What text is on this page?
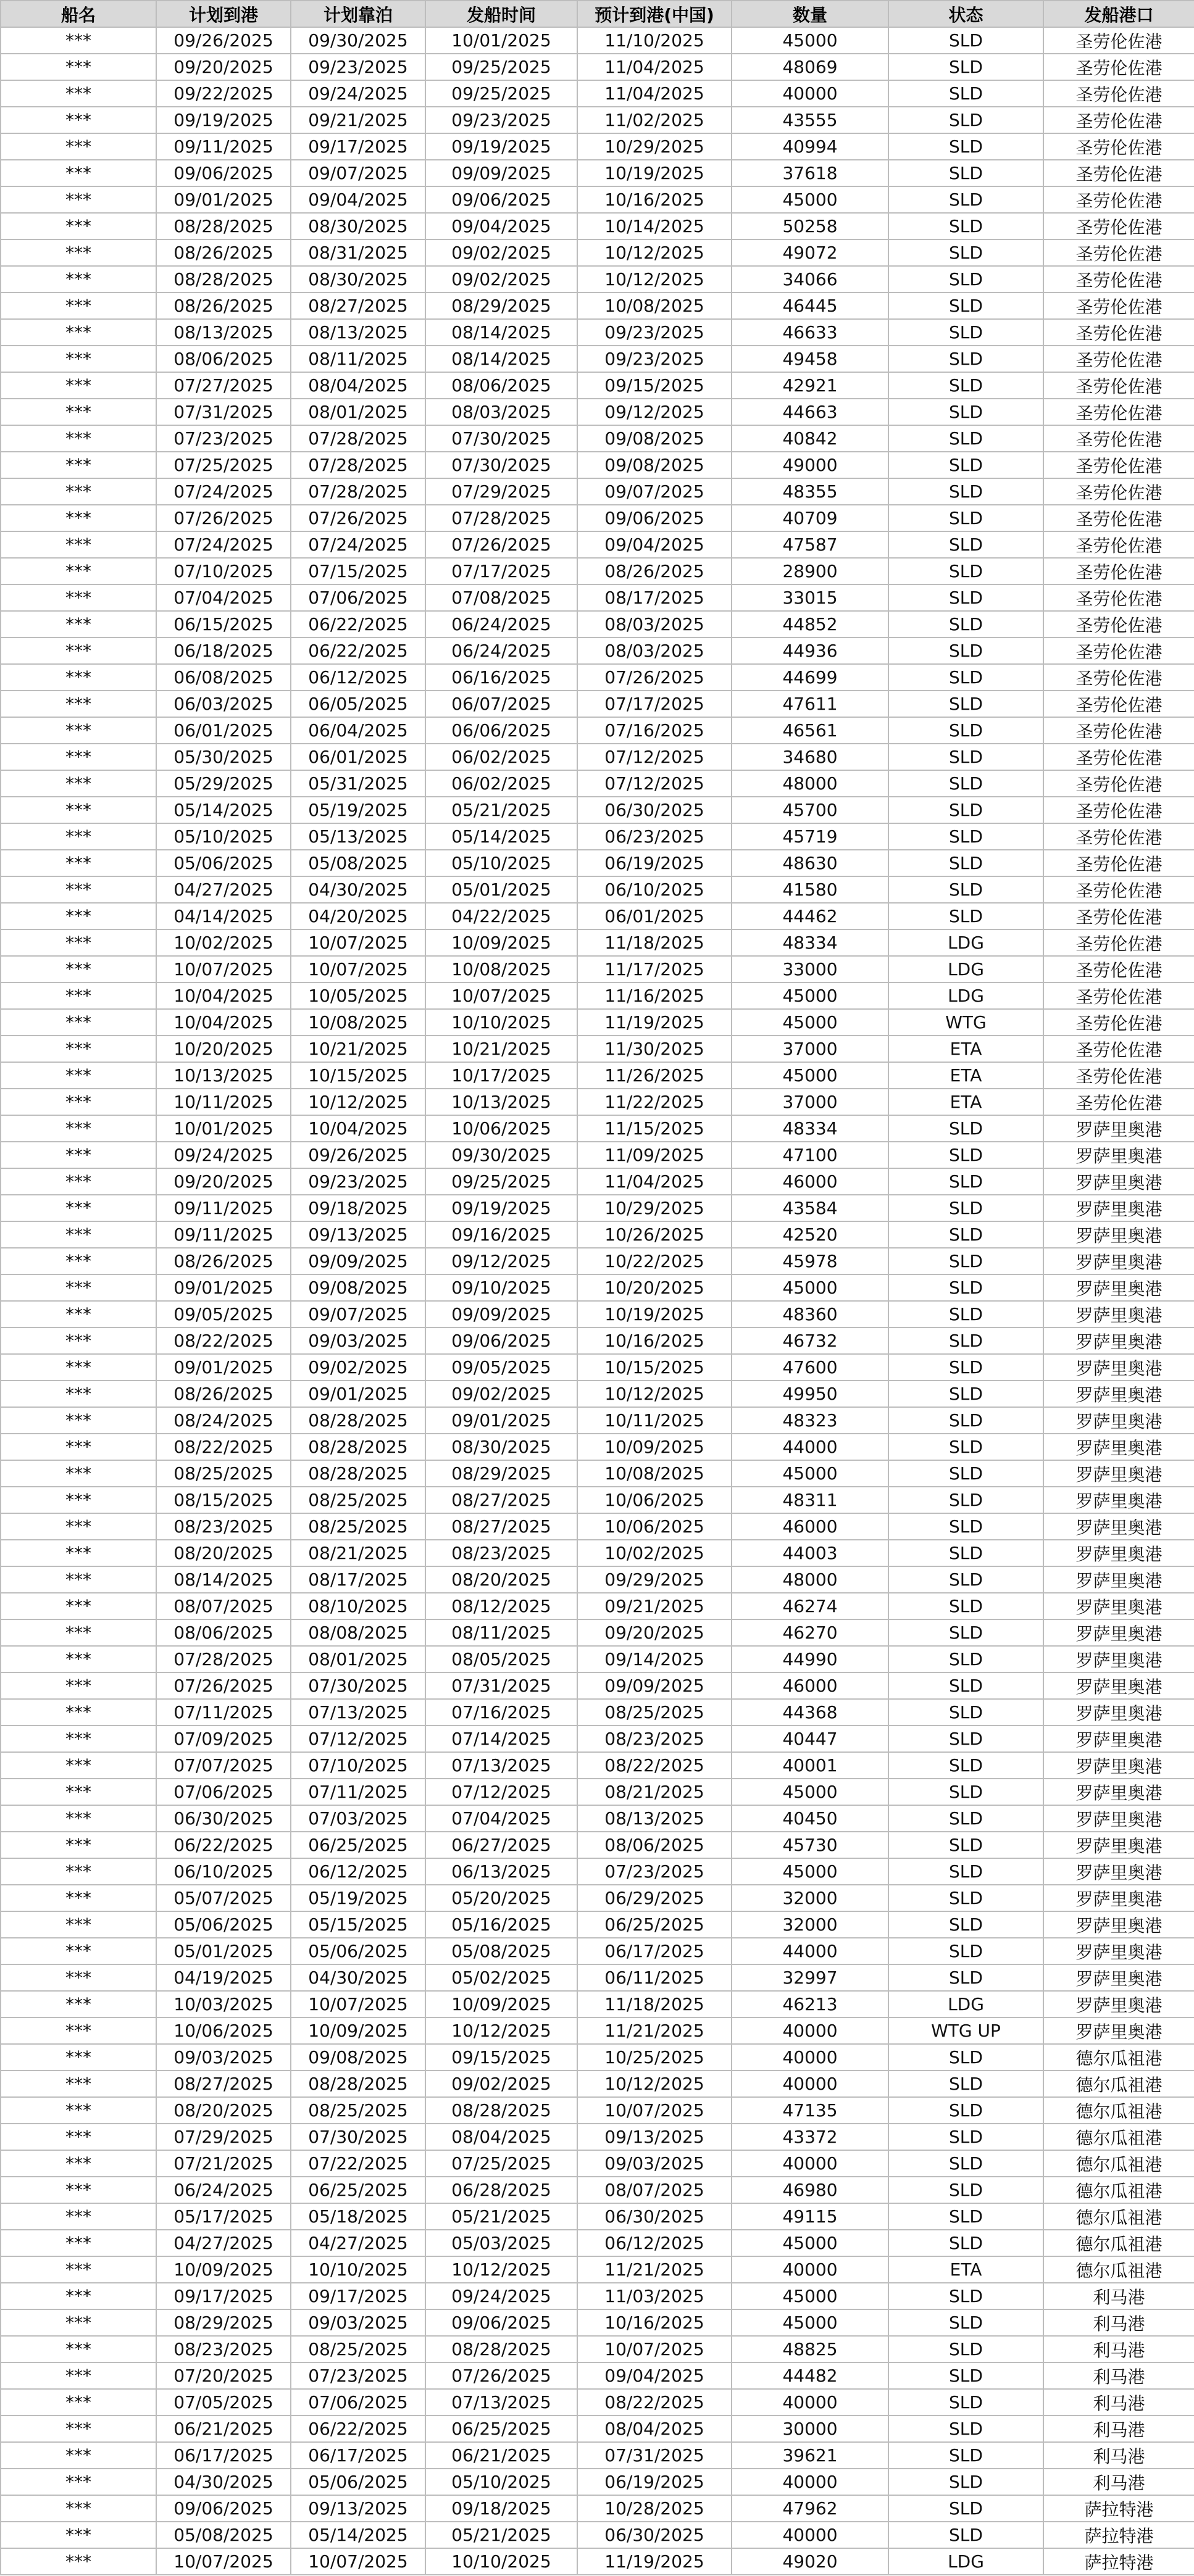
船名	计划到港	计划靠泊	发船时间	预计到港(中国)	数量	状态	发船港口
***	09/26/2025	09/30/2025	10/01/2025	11/10/2025	45000	SLD	圣劳伦佐港
***	09/20/2025	09/23/2025	09/25/2025	11/04/2025	48069	SLD	圣劳伦佐港
***	09/22/2025	09/24/2025	09/25/2025	11/04/2025	40000	SLD	圣劳伦佐港
***	09/19/2025	09/21/2025	09/23/2025	11/02/2025	43555	SLD	圣劳伦佐港
***	09/11/2025	09/17/2025	09/19/2025	10/29/2025	40994	SLD	圣劳伦佐港
***	09/06/2025	09/07/2025	09/09/2025	10/19/2025	37618	SLD	圣劳伦佐港
***	09/01/2025	09/04/2025	09/06/2025	10/16/2025	45000	SLD	圣劳伦佐港
***	08/28/2025	08/30/2025	09/04/2025	10/14/2025	50258	SLD	圣劳伦佐港
***	08/26/2025	08/31/2025	09/02/2025	10/12/2025	49072	SLD	圣劳伦佐港
***	08/28/2025	08/30/2025	09/02/2025	10/12/2025	34066	SLD	圣劳伦佐港
***	08/26/2025	08/27/2025	08/29/2025	10/08/2025	46445	SLD	圣劳伦佐港
***	08/13/2025	08/13/2025	08/14/2025	09/23/2025	46633	SLD	圣劳伦佐港
***	08/06/2025	08/11/2025	08/14/2025	09/23/2025	49458	SLD	圣劳伦佐港
***	07/27/2025	08/04/2025	08/06/2025	09/15/2025	42921	SLD	圣劳伦佐港
***	07/31/2025	08/01/2025	08/03/2025	09/12/2025	44663	SLD	圣劳伦佐港
***	07/23/2025	07/28/2025	07/30/2025	09/08/2025	40842	SLD	圣劳伦佐港
***	07/25/2025	07/28/2025	07/30/2025	09/08/2025	49000	SLD	圣劳伦佐港
***	07/24/2025	07/28/2025	07/29/2025	09/07/2025	48355	SLD	圣劳伦佐港
***	07/26/2025	07/26/2025	07/28/2025	09/06/2025	40709	SLD	圣劳伦佐港
***	07/24/2025	07/24/2025	07/26/2025	09/04/2025	47587	SLD	圣劳伦佐港
***	07/10/2025	07/15/2025	07/17/2025	08/26/2025	28900	SLD	圣劳伦佐港
***	07/04/2025	07/06/2025	07/08/2025	08/17/2025	33015	SLD	圣劳伦佐港
***	06/15/2025	06/22/2025	06/24/2025	08/03/2025	44852	SLD	圣劳伦佐港
***	06/18/2025	06/22/2025	06/24/2025	08/03/2025	44936	SLD	圣劳伦佐港
***	06/08/2025	06/12/2025	06/16/2025	07/26/2025	44699	SLD	圣劳伦佐港
***	06/03/2025	06/05/2025	06/07/2025	07/17/2025	47611	SLD	圣劳伦佐港
***	06/01/2025	06/04/2025	06/06/2025	07/16/2025	46561	SLD	圣劳伦佐港
***	05/30/2025	06/01/2025	06/02/2025	07/12/2025	34680	SLD	圣劳伦佐港
***	05/29/2025	05/31/2025	06/02/2025	07/12/2025	48000	SLD	圣劳伦佐港
***	05/14/2025	05/19/2025	05/21/2025	06/30/2025	45700	SLD	圣劳伦佐港
***	05/10/2025	05/13/2025	05/14/2025	06/23/2025	45719	SLD	圣劳伦佐港
***	05/06/2025	05/08/2025	05/10/2025	06/19/2025	48630	SLD	圣劳伦佐港
***	04/27/2025	04/30/2025	05/01/2025	06/10/2025	41580	SLD	圣劳伦佐港
***	04/14/2025	04/20/2025	04/22/2025	06/01/2025	44462	SLD	圣劳伦佐港
***	10/02/2025	10/07/2025	10/09/2025	11/18/2025	48334	LDG	圣劳伦佐港
***	10/07/2025	10/07/2025	10/08/2025	11/17/2025	33000	LDG	圣劳伦佐港
***	10/04/2025	10/05/2025	10/07/2025	11/16/2025	45000	LDG	圣劳伦佐港
***	10/04/2025	10/08/2025	10/10/2025	11/19/2025	45000	WTG	圣劳伦佐港
***	10/20/2025	10/21/2025	10/21/2025	11/30/2025	37000	ETA	圣劳伦佐港
***	10/13/2025	10/15/2025	10/17/2025	11/26/2025	45000	ETA	圣劳伦佐港
***	10/11/2025	10/12/2025	10/13/2025	11/22/2025	37000	ETA	圣劳伦佐港
***	10/01/2025	10/04/2025	10/06/2025	11/15/2025	48334	SLD	罗萨里奥港
***	09/24/2025	09/26/2025	09/30/2025	11/09/2025	47100	SLD	罗萨里奥港
***	09/20/2025	09/23/2025	09/25/2025	11/04/2025	46000	SLD	罗萨里奥港
***	09/11/2025	09/18/2025	09/19/2025	10/29/2025	43584	SLD	罗萨里奥港
***	09/11/2025	09/13/2025	09/16/2025	10/26/2025	42520	SLD	罗萨里奥港
***	08/26/2025	09/09/2025	09/12/2025	10/22/2025	45978	SLD	罗萨里奥港
***	09/01/2025	09/08/2025	09/10/2025	10/20/2025	45000	SLD	罗萨里奥港
***	09/05/2025	09/07/2025	09/09/2025	10/19/2025	48360	SLD	罗萨里奥港
***	08/22/2025	09/03/2025	09/06/2025	10/16/2025	46732	SLD	罗萨里奥港
***	09/01/2025	09/02/2025	09/05/2025	10/15/2025	47600	SLD	罗萨里奥港
***	08/26/2025	09/01/2025	09/02/2025	10/12/2025	49950	SLD	罗萨里奥港
***	08/24/2025	08/28/2025	09/01/2025	10/11/2025	48323	SLD	罗萨里奥港
***	08/22/2025	08/28/2025	08/30/2025	10/09/2025	44000	SLD	罗萨里奥港
***	08/25/2025	08/28/2025	08/29/2025	10/08/2025	45000	SLD	罗萨里奥港
***	08/15/2025	08/25/2025	08/27/2025	10/06/2025	48311	SLD	罗萨里奥港
***	08/23/2025	08/25/2025	08/27/2025	10/06/2025	46000	SLD	罗萨里奥港
***	08/20/2025	08/21/2025	08/23/2025	10/02/2025	44003	SLD	罗萨里奥港
***	08/14/2025	08/17/2025	08/20/2025	09/29/2025	48000	SLD	罗萨里奥港
***	08/07/2025	08/10/2025	08/12/2025	09/21/2025	46274	SLD	罗萨里奥港
***	08/06/2025	08/08/2025	08/11/2025	09/20/2025	46270	SLD	罗萨里奥港
***	07/28/2025	08/01/2025	08/05/2025	09/14/2025	44990	SLD	罗萨里奥港
***	07/26/2025	07/30/2025	07/31/2025	09/09/2025	46000	SLD	罗萨里奥港
***	07/11/2025	07/13/2025	07/16/2025	08/25/2025	44368	SLD	罗萨里奥港
***	07/09/2025	07/12/2025	07/14/2025	08/23/2025	40447	SLD	罗萨里奥港
***	07/07/2025	07/10/2025	07/13/2025	08/22/2025	40001	SLD	罗萨里奥港
***	07/06/2025	07/11/2025	07/12/2025	08/21/2025	45000	SLD	罗萨里奥港
***	06/30/2025	07/03/2025	07/04/2025	08/13/2025	40450	SLD	罗萨里奥港
***	06/22/2025	06/25/2025	06/27/2025	08/06/2025	45730	SLD	罗萨里奥港
***	06/10/2025	06/12/2025	06/13/2025	07/23/2025	45000	SLD	罗萨里奥港
***	05/07/2025	05/19/2025	05/20/2025	06/29/2025	32000	SLD	罗萨里奥港
***	05/06/2025	05/15/2025	05/16/2025	06/25/2025	32000	SLD	罗萨里奥港
***	05/01/2025	05/06/2025	05/08/2025	06/17/2025	44000	SLD	罗萨里奥港
***	04/19/2025	04/30/2025	05/02/2025	06/11/2025	32997	SLD	罗萨里奥港
***	10/03/2025	10/07/2025	10/09/2025	11/18/2025	46213	LDG	罗萨里奥港
***	10/06/2025	10/09/2025	10/12/2025	11/21/2025	40000	WTG UP	罗萨里奥港
***	09/03/2025	09/08/2025	09/15/2025	10/25/2025	40000	SLD	德尔瓜祖港
***	08/27/2025	08/28/2025	09/02/2025	10/12/2025	40000	SLD	德尔瓜祖港
***	08/20/2025	08/25/2025	08/28/2025	10/07/2025	47135	SLD	德尔瓜祖港
***	07/29/2025	07/30/2025	08/04/2025	09/13/2025	43372	SLD	德尔瓜祖港
***	07/21/2025	07/22/2025	07/25/2025	09/03/2025	40000	SLD	德尔瓜祖港
***	06/24/2025	06/25/2025	06/28/2025	08/07/2025	46980	SLD	德尔瓜祖港
***	05/17/2025	05/18/2025	05/21/2025	06/30/2025	49115	SLD	德尔瓜祖港
***	04/27/2025	04/27/2025	05/03/2025	06/12/2025	45000	SLD	德尔瓜祖港
***	10/09/2025	10/10/2025	10/12/2025	11/21/2025	40000	ETA	德尔瓜祖港
***	09/17/2025	09/17/2025	09/24/2025	11/03/2025	45000	SLD	利马港
***	08/29/2025	09/03/2025	09/06/2025	10/16/2025	45000	SLD	利马港
***	08/23/2025	08/25/2025	08/28/2025	10/07/2025	48825	SLD	利马港
***	07/20/2025	07/23/2025	07/26/2025	09/04/2025	44482	SLD	利马港
***	07/05/2025	07/06/2025	07/13/2025	08/22/2025	40000	SLD	利马港
***	06/21/2025	06/22/2025	06/25/2025	08/04/2025	30000	SLD	利马港
***	06/17/2025	06/17/2025	06/21/2025	07/31/2025	39621	SLD	利马港
***	04/30/2025	05/06/2025	05/10/2025	06/19/2025	40000	SLD	利马港
***	09/06/2025	09/13/2025	09/18/2025	10/28/2025	47962	SLD	萨拉特港
***	05/08/2025	05/14/2025	05/21/2025	06/30/2025	40000	SLD	萨拉特港
***	10/07/2025	10/07/2025	10/10/2025	11/19/2025	49020	LDG	萨拉特港
